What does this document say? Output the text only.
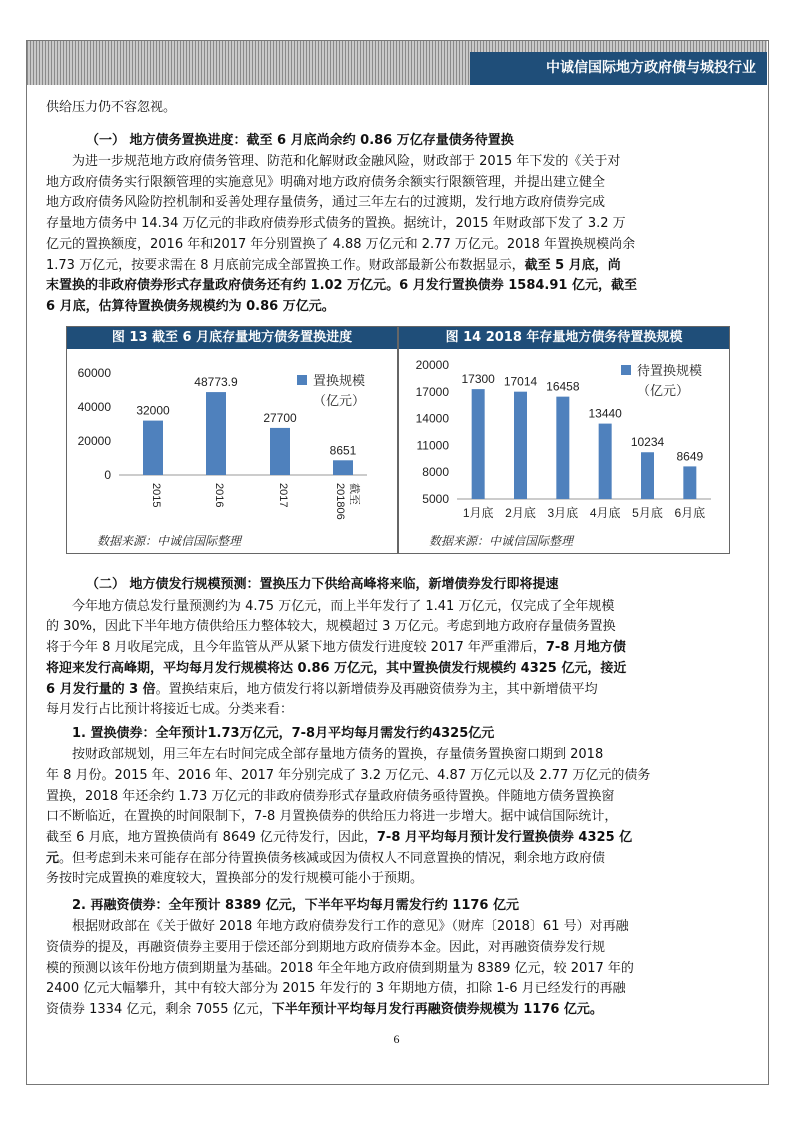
中诚信国际地方政府债与城投行业
供给压力仍不容忽视。
（一） 地方债务置换进度：截至 6 月底尚余约 0.86 万亿存量债务待置换
为进一步规范地方政府债务管理、防范和化解财政金融风险，财政部于 2015 年下发的《关于对
地方政府债务实行限额管理的实施意见》明确对地方政府债务余额实行限额管理，并提出建立健全
地方政府债务风险防控机制和妥善处理存量债务，通过三年左右的过渡期，发行地方政府债券完成
存量地方债务中 14.34 万亿元的非政府债券形式债务的置换。据统计，2015 年财政部下发了 3.2 万
亿元的置换额度，2016 年和2017 年分别置换了 4.88 万亿元和 2.77 万亿元。2018 年置换规模尚余
1.73 万亿元，按要求需在 8 月底前完成全部置换工作。财政部最新公布数据显示，截至 5 月底，尚
末置换的非政府债券形式存量政府债务还有约 1.02 万亿元。6 月发行置换债券 1584.91 亿元，截至
6 月底，估算待置换债务规模约为 0.86 万亿元。
图 13 截至 6 月底存量地方债务置换进度
0
20000
40000
60000
32000
48773.9
27700
8651
2015	2016	2017	201806 截至
置换规模
（亿元）
数据来源：中诚信国际整理
图 14 2018 年存量地方债务待置换规模
5000
8000
11000
14000
17000
20000
17300 17014 16458
13440
10234
8649
1月底 2月底 3月底 4月底 5月底 6月底
待置换规模
（亿元）
数据来源：中诚信国际整理
（二） 地方债发行规模预测：置换压力下供给高峰将来临，新增债券发行即将提速
今年地方债总发行量预测约为 4.75 万亿元，而上半年发行了 1.41 万亿元，仅完成了全年规模
的 30%，因此下半年地方债供给压力整体较大，规模超过 3 万亿元。考虑到地方政府存量债务置换
将于今年 8 月收尾完成，且今年监管从严从紧下地方债发行进度较 2017 年严重滞后，7-8 月地方债
将迎来发行高峰期，平均每月发行规模将达 0.86 万亿元，其中置换债发行规模约 4325 亿元，接近
6 月发行量的 3 倍。置换结束后，地方债发行将以新增债券及再融资债券为主，其中新增债平均
每月发行占比预计将接近七成。分类来看：
1. 置换债券：全年预计1.73万亿元，7-8月平均每月需发行约4325亿元
按财政部规划，用三年左右时间完成全部存量地方债务的置换，存量债务置换窗口期到 2018
年 8 月份。2015 年、2016 年、2017 年分别完成了 3.2 万亿元、4.87 万亿元以及 2.77 万亿元的债务
置换，2018 年还余约 1.73 万亿元的非政府债券形式存量政府债务亟待置换。伴随地方债务置换窗
口不断临近，在置换的时间限制下，7-8 月置换债券的供给压力将进一步增大。据中诚信国际统计，
截至 6 月底，地方置换债尚有 8649 亿元待发行，因此，7-8 月平均每月预计发行置换债券 4325 亿
元。但考虑到未来可能存在部分待置换债务核减或因为债权人不同意置换的情况，剩余地方政府债
务按时完成置换的难度较大，置换部分的发行规模可能小于预期。
2. 再融资债券：全年预计 8389 亿元，下半年平均每月需发行约 1176 亿元
根据财政部在《关于做好 2018 年地方政府债券发行工作的意见》（财库〔2018〕61 号）对再融
资债券的提及，再融资债券主要用于偿还部分到期地方政府债券本金。因此，对再融资债券发行规
模的预测以该年份地方债到期量为基础。2018 年全年地方政府债到期量为 8389 亿元，较 2017 年的
2400 亿元大幅攀升，其中有较大部分为 2015 年发行的 3 年期地方债，扣除 1-6 月已经发行的再融
资债券 1334 亿元，剩余 7055 亿元，下半年预计平均每月发行再融资债券规模为 1176 亿元。
6
